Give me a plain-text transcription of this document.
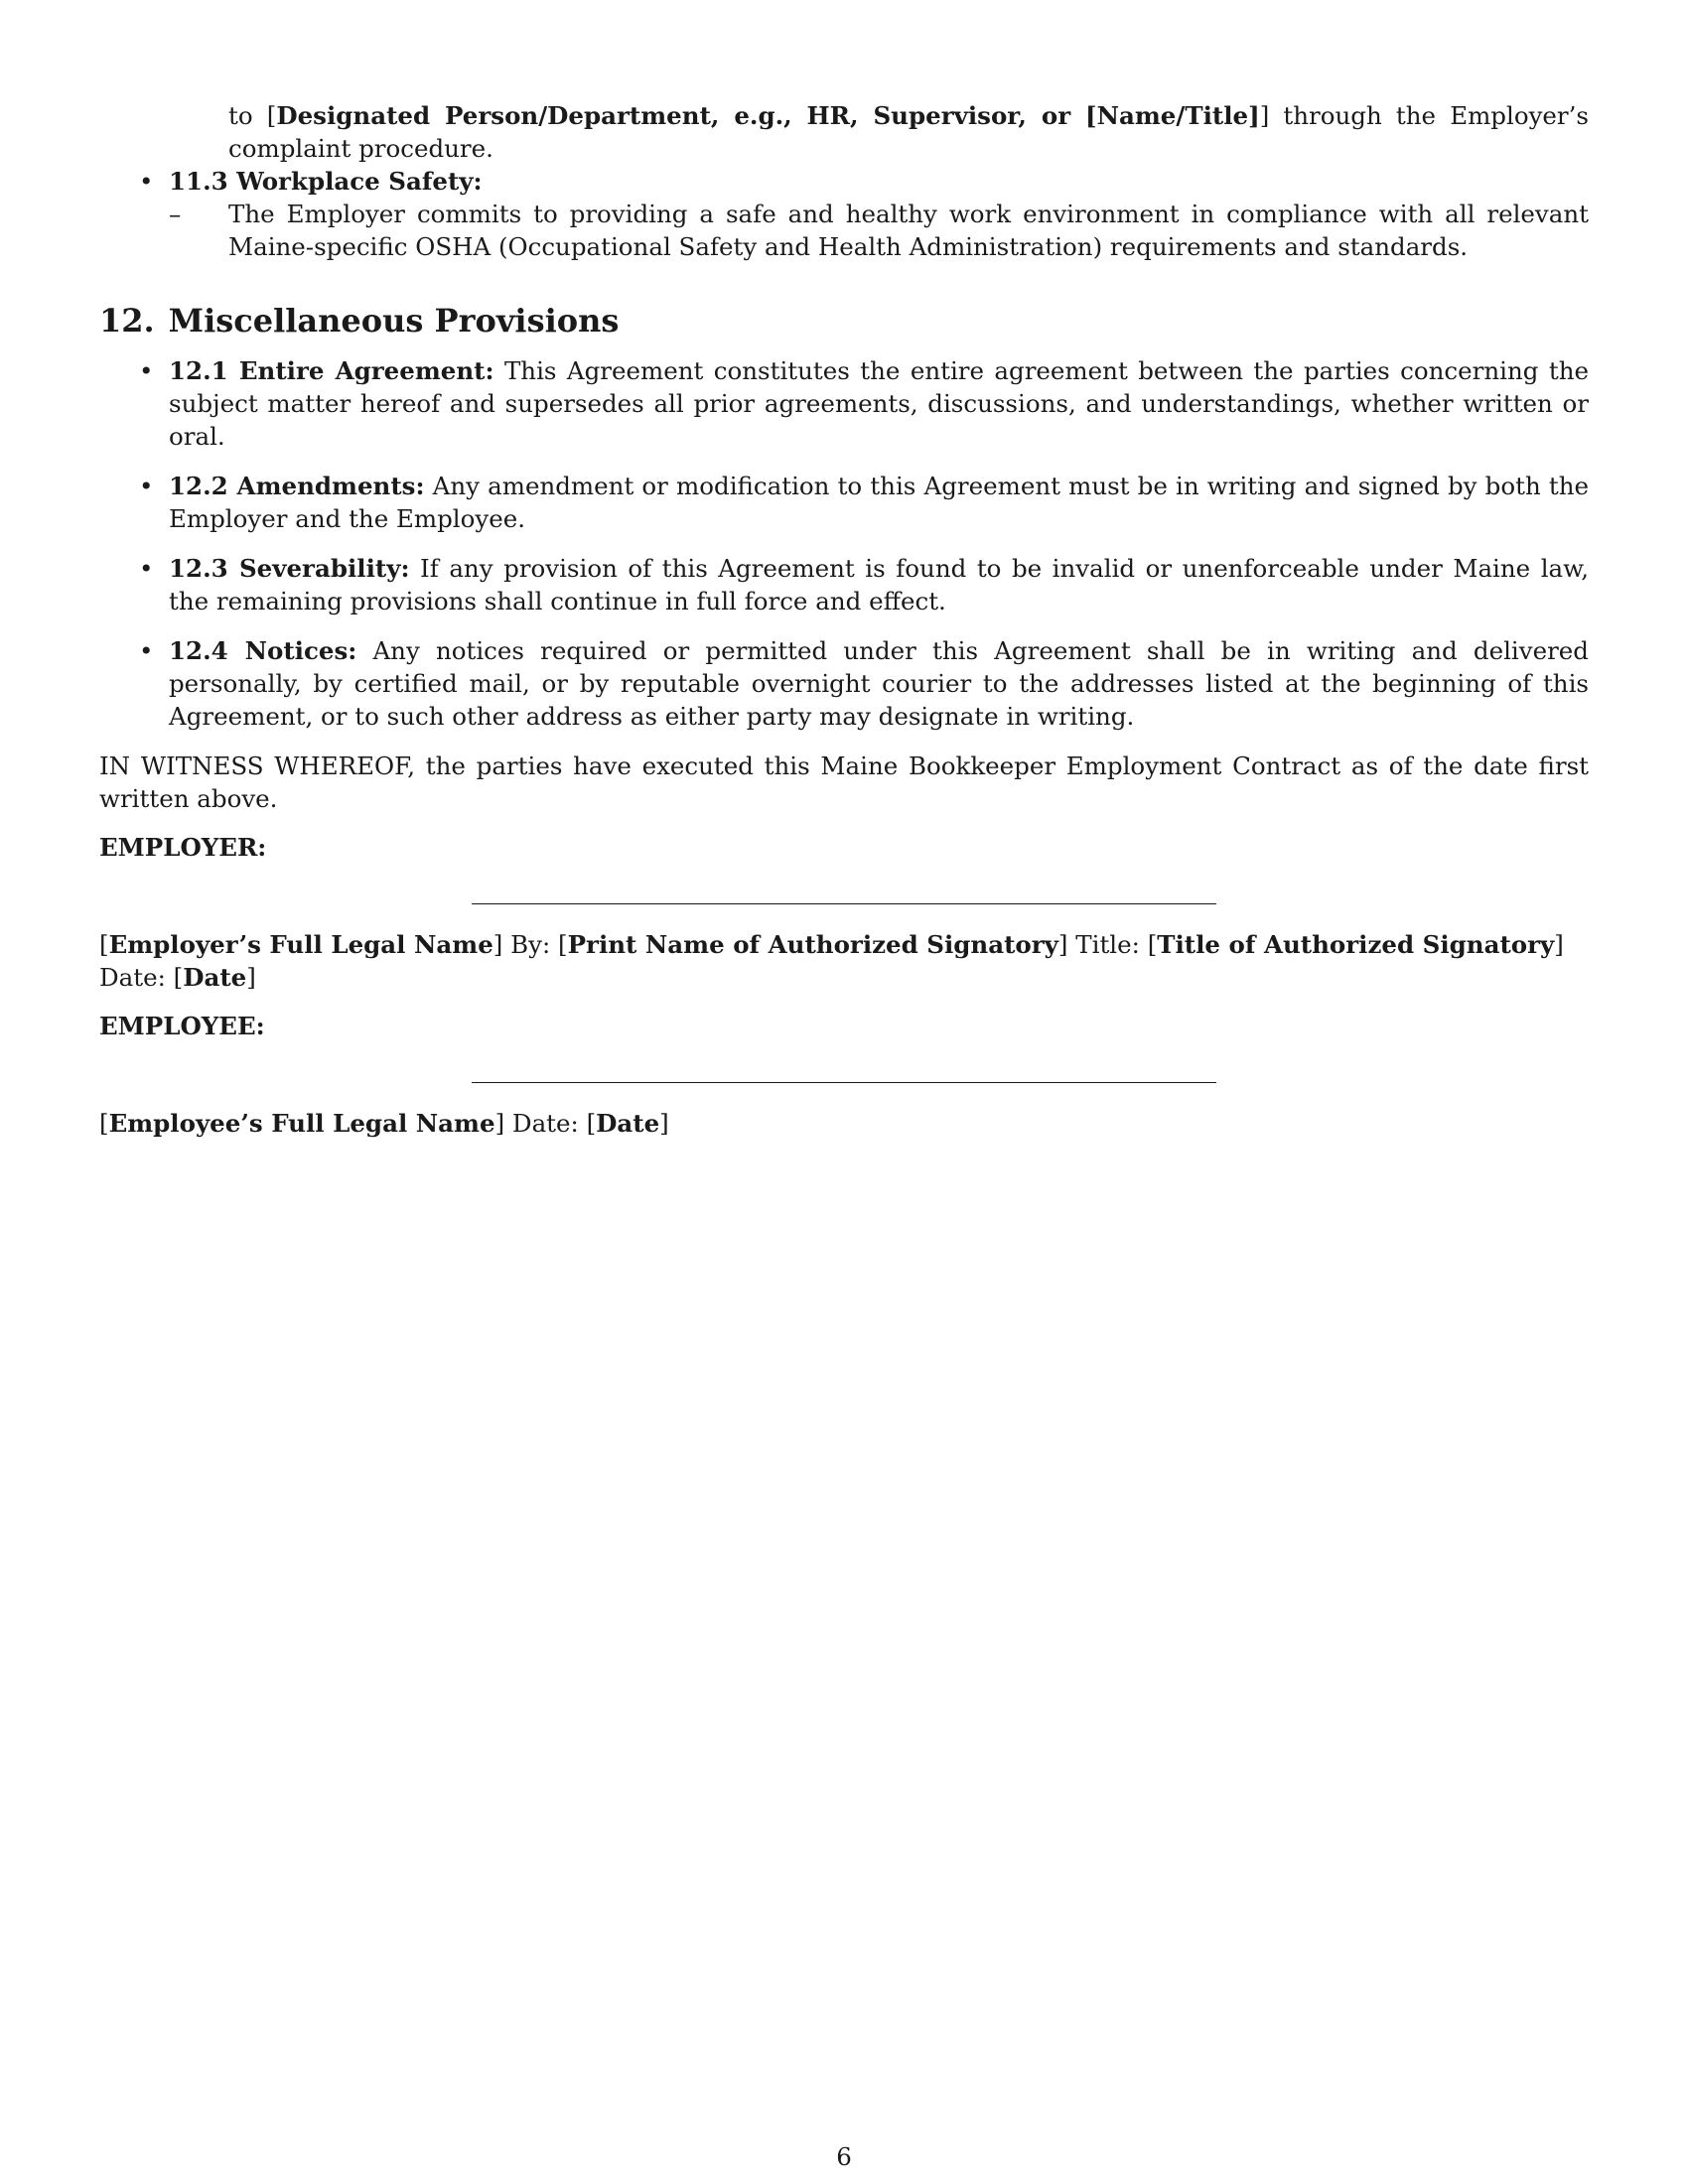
to [Designated Person/Department, e.g., HR, Supervisor, or [Name/Title]] through the Employer’s complaint procedure.
• 11.3 Workplace Safety:
– The Employer commits to providing a safe and healthy work environment in compliance with all relevant Maine-specific OSHA (Occupational Safety and Health Administration) requirements and standards.
12. Miscellaneous Provisions
• 12.1 Entire Agreement: This Agreement constitutes the entire agreement between the parties concerning the subject matter hereof and supersedes all prior agreements, discussions, and understandings, whether written or oral.
• 12.2 Amendments: Any amendment or modification to this Agreement must be in writing and signed by both the Employer and the Employee.
• 12.3 Severability: If any provision of this Agreement is found to be invalid or unenforceable under Maine law, the remaining provisions shall continue in full force and effect.
• 12.4 Notices: Any notices required or permitted under this Agreement shall be in writing and delivered personally, by certified mail, or by reputable overnight courier to the addresses listed at the beginning of this Agreement, or to such other address as either party may designate in writing.

IN WITNESS WHEREOF, the parties have executed this Maine Bookkeeper Employment Contract as of the date first written above.

EMPLOYER:
[Employer’s Full Legal Name] By: [Print Name of Authorized Signatory] Title: [Title of Authorized Signatory] Date: [Date]
EMPLOYEE:
[Employee’s Full Legal Name] Date: [Date]
6
